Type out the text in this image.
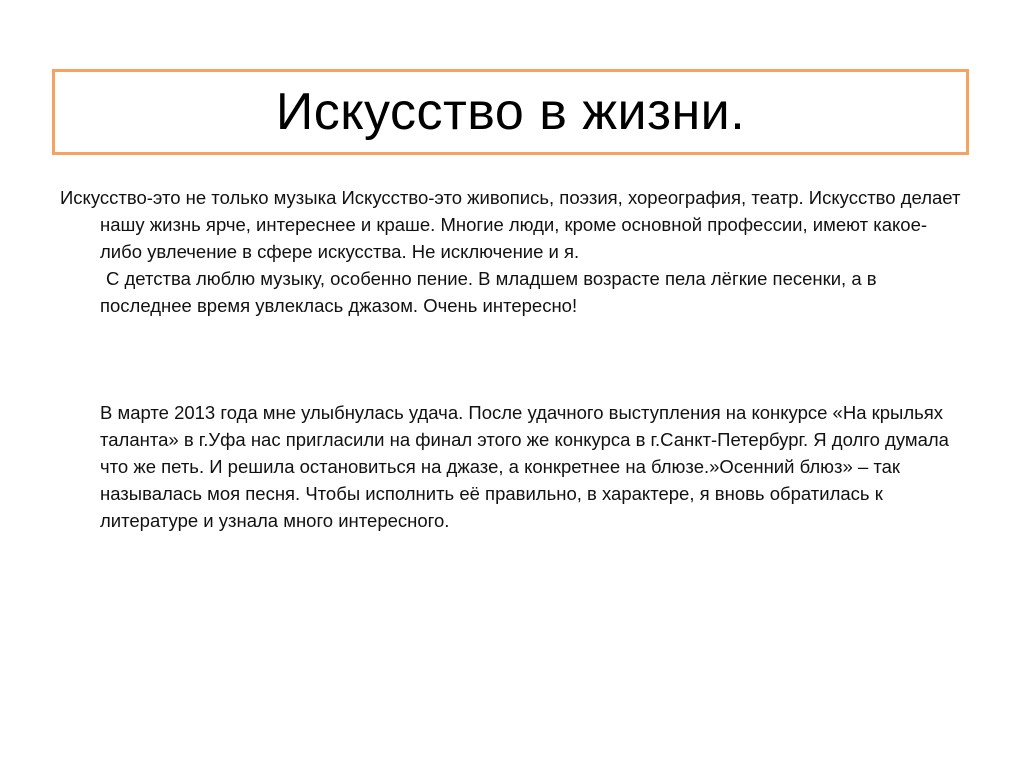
Искусство в жизни.

Искусство-это не только музыка Искусство-это живопись, поэзия, хореография, театр. Искусство делает нашу жизнь ярче, интереснее и краше. Многие люди, кроме основной профессии, имеют какое-либо увлечение в сфере искусства. Не исключение и я.

С детства люблю музыку, особенно пение. В младшем возрасте пела лёгкие песенки, а в последнее время увлеклась джазом. Очень интересно!

В марте 2013 года мне улыбнулась удача. После удачного выступления на конкурсе «На крыльях таланта» в г.Уфа нас пригласили на финал этого же конкурса в г.Санкт-Петербург. Я долго думала что же петь. И решила остановиться на джазе, а конкретнее на блюзе.»Осенний блюз» – так называлась моя песня. Чтобы исполнить её правильно, в характере, я вновь обратилась к литературе и узнала много интересного.
